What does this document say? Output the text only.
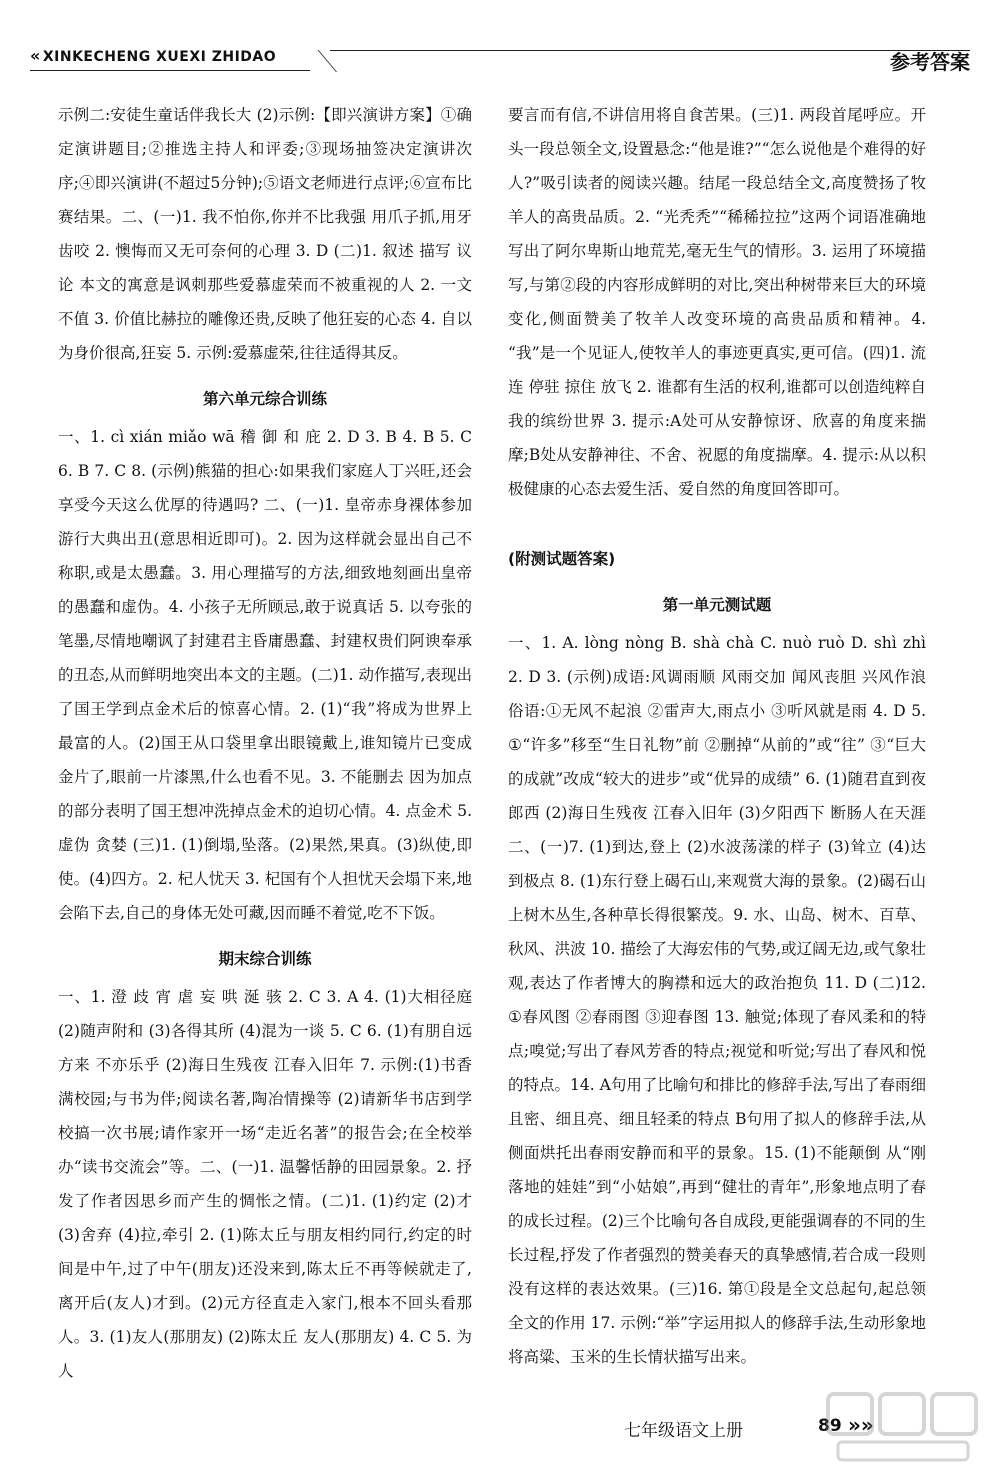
« XINKECHENG XUEXI ZHIDAO	参考答案

示例二:安徒生童话伴我长大 (2)示例:【即兴演讲方案】①确定演讲题目;②推选主持人和评委;③现场抽签决定演讲次序;④即兴演讲(不超过5分钟);⑤语文老师进行点评;⑥宣布比赛结果。二、(一)1. 我不怕你,你并不比我强 用爪子抓,用牙齿咬 2. 懊悔而又无可奈何的心理 3. D (二)1. 叙述 描写 议论 本文的寓意是讽刺那些爱慕虚荣而不被重视的人 2. 一文不值 3. 价值比赫拉的雕像还贵,反映了他狂妄的心态 4. 自以为身价很高,狂妄 5. 示例:爱慕虚荣,往往适得其反。

第六单元综合训练

一、1. cì xián miǎo wā 稽 御 和 庇 2. D 3. B 4. B 5. C 6. B 7. C 8. (示例)熊猫的担心:如果我们家庭人丁兴旺,还会享受今天这么优厚的待遇吗? 二、(一)1. 皇帝赤身裸体参加游行大典出丑(意思相近即可)。2. 因为这样就会显出自己不称职,或是太愚蠢。3. 用心理描写的方法,细致地刻画出皇帝的愚蠢和虚伪。4. 小孩子无所顾忌,敢于说真话 5. 以夸张的笔墨,尽情地嘲讽了封建君主昏庸愚蠢、封建权贵们阿谀奉承的丑态,从而鲜明地突出本文的主题。(二)1. 动作描写,表现出了国王学到点金术后的惊喜心情。2. (1)“我”将成为世界上最富的人。(2)国王从口袋里拿出眼镜戴上,谁知镜片已变成金片了,眼前一片漆黑,什么也看不见。3. 不能删去 因为加点的部分表明了国王想冲洗掉点金术的迫切心情。4. 点金术 5. 虚伪 贪婪 (三)1. (1)倒塌,坠落。(2)果然,果真。(3)纵使,即使。(4)四方。2. 杞人忧天 3. 杞国有个人担忧天会塌下来,地会陷下去,自己的身体无处可藏,因而睡不着觉,吃不下饭。

期末综合训练

一、1. 澄 歧 宵 虐 妄 哄 涎 骇 2. C 3. A 4. (1)大相径庭 (2)随声附和 (3)各得其所 (4)混为一谈 5. C 6. (1)有朋自远方来 不亦乐乎 (2)海日生残夜 江春入旧年 7. 示例:(1)书香满校园;与书为伴;阅读名著,陶冶情操等 (2)请新华书店到学校搞一次书展;请作家开一场“走近名著”的报告会;在全校举办“读书交流会”等。二、(一)1. 温馨恬静的田园景象。2. 抒发了作者因思乡而产生的惆怅之情。(二)1. (1)约定 (2)才 (3)舍弃 (4)拉,牵引 2. (1)陈太丘与朋友相约同行,约定的时间是中午,过了中午(朋友)还没来到,陈太丘不再等候就走了,离开后(友人)才到。(2)元方径直走入家门,根本不回头看那人。3. (1)友人(那朋友) (2)陈太丘 友人(那朋友) 4. C 5. 为人

要言而有信,不讲信用将自食苦果。(三)1. 两段首尾呼应。开头一段总领全文,设置悬念:“他是谁?”“怎么说他是个难得的好人?”吸引读者的阅读兴趣。结尾一段总结全文,高度赞扬了牧羊人的高贵品质。2. “光秃秃”“稀稀拉拉”这两个词语准确地写出了阿尔卑斯山地荒芜,毫无生气的情形。3. 运用了环境描写,与第②段的内容形成鲜明的对比,突出种树带来巨大的环境变化,侧面赞美了牧羊人改变环境的高贵品质和精神。4. “我”是一个见证人,使牧羊人的事迹更真实,更可信。(四)1. 流连 停驻 掠住 放飞 2. 谁都有生活的权利,谁都可以创造纯粹自我的缤纷世界 3. 提示:A处可从安静惊讶、欣喜的角度来揣摩;B处从安静神往、不舍、祝愿的角度揣摩。4. 提示:从以积极健康的心态去爱生活、爱自然的角度回答即可。

(附测试题答案)
第一单元测试题

一、1. A. lòng nòng B. shà chà C. nuò ruò D. shì zhì 2. D 3. (示例)成语:风调雨顺 风雨交加 闻风丧胆 兴风作浪 俗语:①无风不起浪 ②雷声大,雨点小 ③听风就是雨 4. D 5. ①“许多”移至“生日礼物”前 ②删掉“从前的”或“往” ③“巨大的成就”改成“较大的进步”或“优异的成绩” 6. (1)随君直到夜郎西 (2)海日生残夜 江春入旧年 (3)夕阳西下 断肠人在天涯 二、(一)7. (1)到达,登上 (2)水波荡漾的样子 (3)耸立 (4)达到极点 8. (1)东行登上碣石山,来观赏大海的景象。(2)碣石山上树木丛生,各种草长得很繁茂。9. 水、山岛、树木、百草、秋风、洪波 10. 描绘了大海宏伟的气势,或辽阔无边,或气象壮观,表达了作者博大的胸襟和远大的政治抱负 11. D (二)12. ①春风图 ②春雨图 ③迎春图 13. 触觉;体现了春风柔和的特点;嗅觉;写出了春风芳香的特点;视觉和听觉;写出了春风和悦的特点。14. A句用了比喻句和排比的修辞手法,写出了春雨细且密、细且亮、细且轻柔的特点 B句用了拟人的修辞手法,从侧面烘托出春雨安静而和平的景象。15. (1)不能颠倒 从“刚落地的娃娃”到“小姑娘”,再到“健壮的青年”,形象地点明了春的成长过程。(2)三个比喻句各自成段,更能强调春的不同的生长过程,抒发了作者强烈的赞美春天的真挚感情,若合成一段则没有这样的表达效果。(三)16. 第①段是全文总起句,起总领全文的作用 17. 示例:“举”字运用拟人的修辞手法,生动形象地将高粱、玉米的生长情状描写出来。

七年级语文上册	89 »»
